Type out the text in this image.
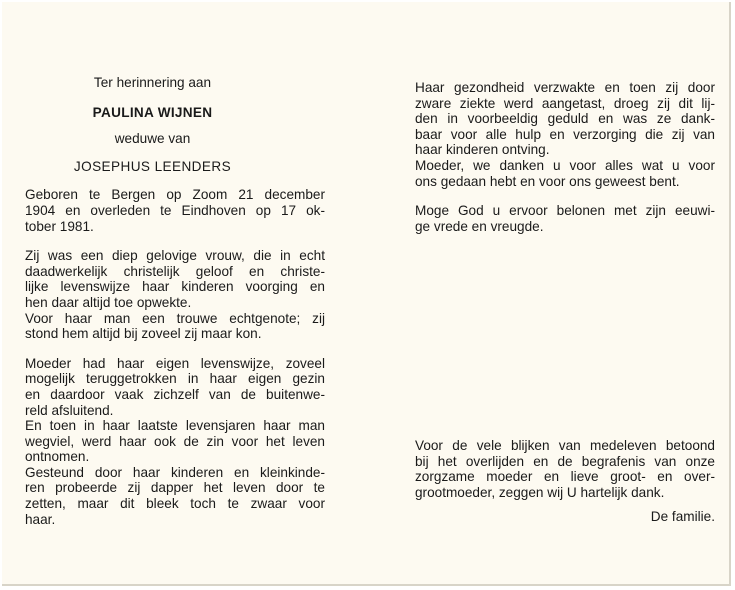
Ter herinnering aan
PAULINA WIJNEN
weduwe van
JOSEPHUS LEENDERS
Geboren te Bergen op Zoom 21 december
1904 en overleden te Eindhoven op 17 ok-
tober 1981.
Zij was een diep gelovige vrouw, die in echt
daadwerkelijk christelijk geloof en christe-
lijke levenswijze haar kinderen voorging en
hen daar altijd toe opwekte.
Voor haar man een trouwe echtgenote; zij
stond hem altijd bij zoveel zij maar kon.
Moeder had haar eigen levenswijze, zoveel
mogelijk teruggetrokken in haar eigen gezin
en daardoor vaak zichzelf van de buitenwe-
reld afsluitend.
En toen in haar laatste levensjaren haar man
wegviel, werd haar ook de zin voor het leven
ontnomen.
Gesteund door haar kinderen en kleinkinde-
ren probeerde zij dapper het leven door te
zetten, maar dit bleek toch te zwaar voor
haar.
Haar gezondheid verzwakte en toen zij door
zware ziekte werd aangetast, droeg zij dit lij-
den in voorbeeldig geduld en was ze dank-
baar voor alle hulp en verzorging die zij van
haar kinderen ontving.
Moeder, we danken u voor alles wat u voor
ons gedaan hebt en voor ons geweest bent.
Moge God u ervoor belonen met zijn eeuwi-
ge vrede en vreugde.
Voor de vele blijken van medeleven betoond
bij het overlijden en de begrafenis van onze
zorgzame moeder en lieve groot- en over-
grootmoeder, zeggen wij U hartelijk dank.
De familie.
